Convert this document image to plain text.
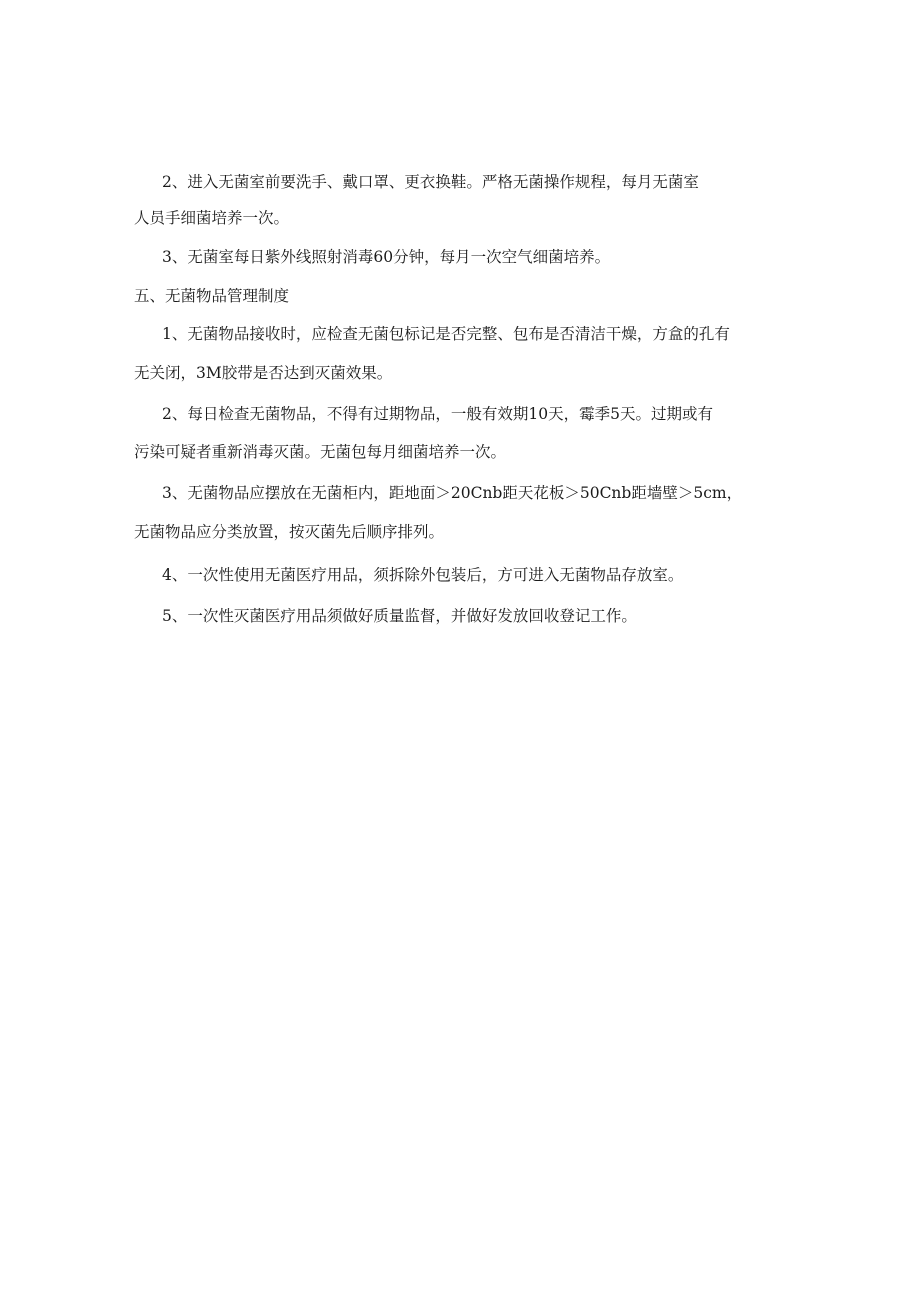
2、进入无菌室前要洗手、戴口罩、更衣换鞋。严格无菌操作规程，每月无菌室
人员手细菌培养一次。
3、无菌室每日紫外线照射消毒60分钟，每月一次空气细菌培养。
五、无菌物品管理制度
1、无菌物品接收时，应检查无菌包标记是否完整、包布是否清洁干燥，方盒的孔有
无关闭，3M胶带是否达到灭菌效果。
2、每日检查无菌物品，不得有过期物品，一般有效期10天，霉季5天。过期或有
污染可疑者重新消毒灭菌。无菌包每月细菌培养一次。
3、无菌物品应摆放在无菌柜内，距地面＞20Cnb距天花板＞50Cnb距墙壁＞5cm，
无菌物品应分类放置，按灭菌先后顺序排列。
4、一次性使用无菌医疗用品，须拆除外包装后，方可进入无菌物品存放室。
5、一次性灭菌医疗用品须做好质量监督，并做好发放回收登记工作。
